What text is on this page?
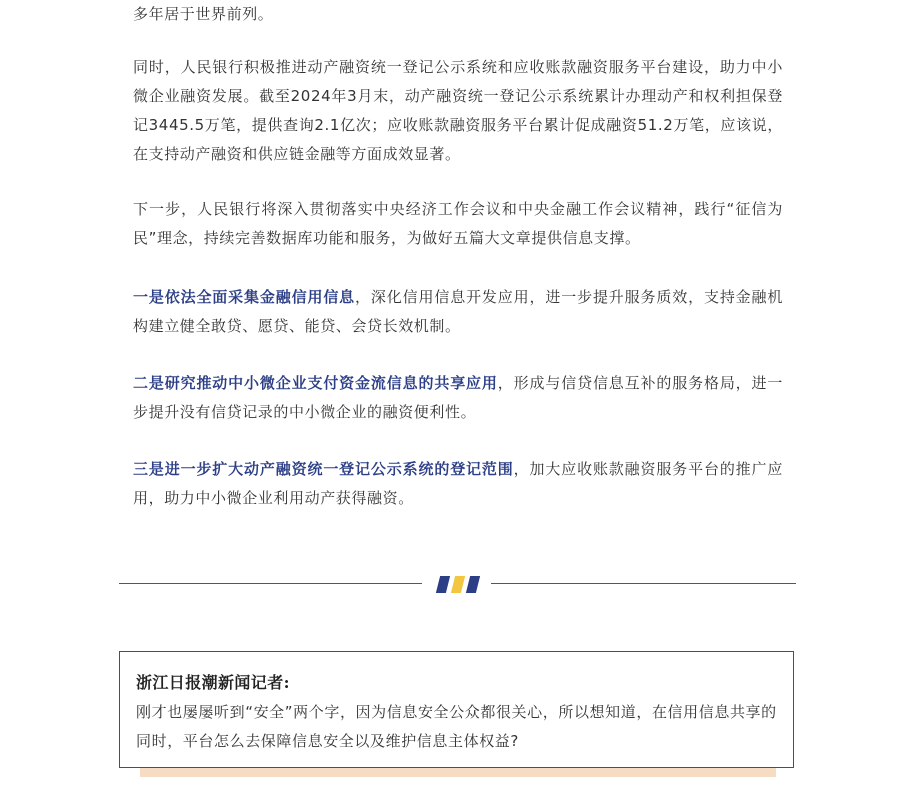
多年居于世界前列。

同时，人民银行积极推进动产融资统一登记公示系统和应收账款融资服务平台建设，助力中小微企业融资发展。截至2024年3月末，动产融资统一登记公示系统累计办理动产和权利担保登记3445.5万笔，提供查询2.1亿次；应收账款融资服务平台累计促成融资51.2万笔，应该说，在支持动产融资和供应链金融等方面成效显著。

下一步，人民银行将深入贯彻落实中央经济工作会议和中央金融工作会议精神，践行“征信为民”理念，持续完善数据库功能和服务，为做好五篇大文章提供信息支撑。

一是依法全面采集金融信用信息，深化信用信息开发应用，进一步提升服务质效，支持金融机构建立健全敢贷、愿贷、能贷、会贷长效机制。

二是研究推动中小微企业支付资金流信息的共享应用，形成与信贷信息互补的服务格局，进一步提升没有信贷记录的中小微企业的融资便利性。

三是进一步扩大动产融资统一登记公示系统的登记范围，加大应收账款融资服务平台的推广应用，助力中小微企业利用动产获得融资。

浙江日报潮新闻记者:

刚才也屡屡听到“安全”两个字，因为信息安全公众都很关心，所以想知道，在信用信息共享的同时，平台怎么去保障信息安全以及维护信息主体权益?
